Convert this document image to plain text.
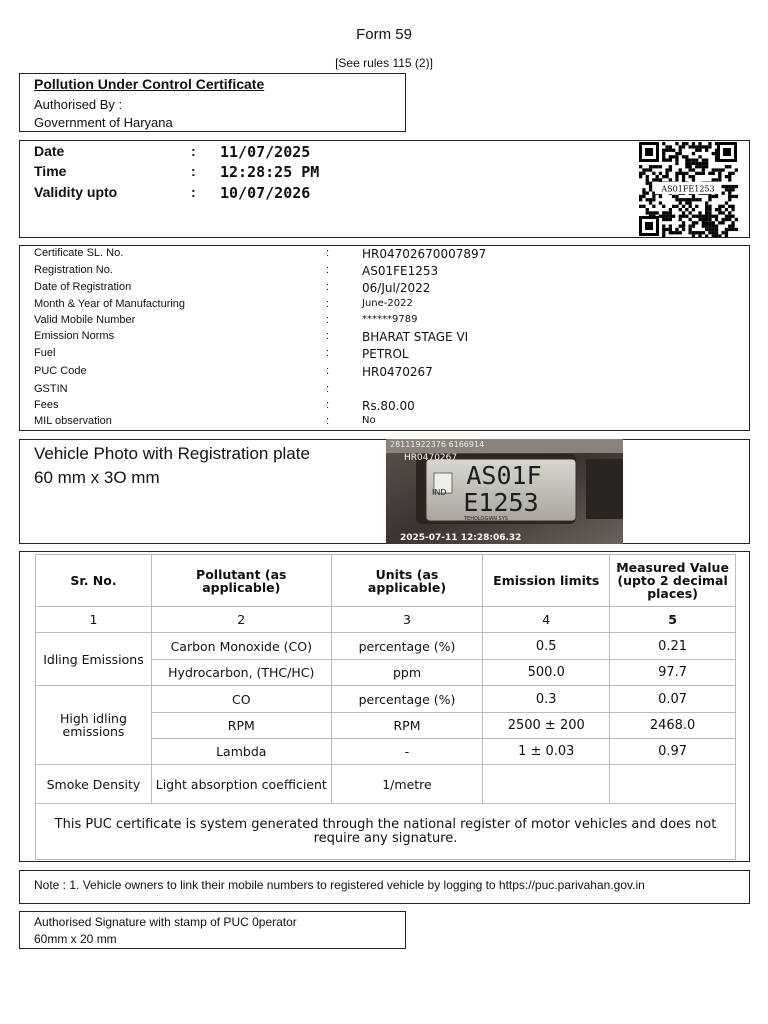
Form 59
[See rules 115 (2)]
Pollution Under Control Certificate
Authorised By :
Government of Haryana
Date	: 11/07/2025
Time	: 12:28:25 PM
Validity upto	: 10/07/2026	AS01FE1253
Certificate SL. No.	:	HR04702670007897
Registration No.	:	AS01FE1253
Date of Registration	:	06/Jul/2022
Month & Year of Manufacturing	:	June-2022
Valid Mobile Number	:	******9789
Emission Norms	:	BHARAT STAGE VI
Fuel	:	PETROL
PUC Code	:	HR0470267
GSTIN	:
Fees	:	Rs.80.00
MIL observation	:	No
Vehicle Photo with Registration plate
60 mm x 3O mm
28111922376 6166914
HR0470267
AS01F
E1253
IND
TEHOLOGIAN SYS
2025-07-11 12:28:06.32
Sr. No.	Pollutant (as applicable)	Units (as applicable)	Emission limits	Measured Value (upto 2 decimal places)
1	2	3	4	5
Idling Emissions	Carbon Monoxide (CO)	percentage (%)	0.5	0.21
	Hydrocarbon, (THC/HC)	ppm	500.0	97.7
High idling emissions	CO	percentage (%)	0.3	0.07
	RPM	RPM	2500 ± 200	2468.0
	Lambda	-	1 ± 0.03	0.97
Smoke Density	Light absorption coefficient	1/metre		
This PUC certificate is system generated through the national register of motor vehicles and does not require any signature.				
Note : 1. Vehicle owners to link their mobile numbers to registered vehicle by logging to https://puc.parivahan.gov.in
Authorised Signature with stamp of PUC 0perator
60mm x 20 mm
